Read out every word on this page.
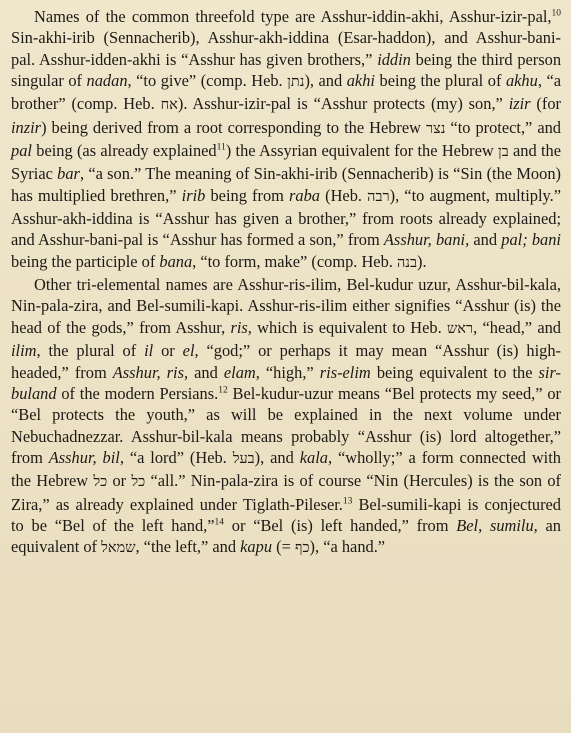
Names of the common threefold type are Asshur-iddin-akhi, Asshur-izir-pal,$^{10}$ Sin-akhi-irib (Sennacherib), Asshur-akh-iddina (Esar-haddon), and Asshur-bani-pal. Asshur-idden-akhi is “Asshur has given brothers,” iddin being the third person singular of nadan, “to give” (comp. Heb. נתן), and akhi being the plural of akhu, “a brother” (comp. Heb. אח). Asshur-izir-pal is “Asshur protects (my) son,” izir (for inzir) being derived from a root corresponding to the Hebrew נצר “to protect,” and pal being (as already explained$^{11}$) the Assyrian equivalent for the Hebrew בן and the Syriac bar, “a son.” The meaning of Sin-akhi-irib (Sennacherib) is “Sin (the Moon) has multiplied brethren,” irib being from raba (Heb. רבה), “to augment, multiply.” Asshur-akh-iddina is “Asshur has given a brother,” from roots already explained; and Asshur-bani-pal is “Asshur has formed a son,” from Asshur, bani, and pal; bani being the participle of bana, “to form, make” (comp. Heb. בנה).

Other tri-elemental names are Asshur-ris-ilim, Bel-kudur uzur, Asshur-bil-kala, Nin-pala-zira, and Bel-sumili-kapi. Asshur-ris-ilim either signifies “Asshur (is) the head of the gods,” from Asshur, ris, which is equivalent to Heb. ראש, “head,” and ilim, the plural of il or el, “god;” or perhaps it may mean “Asshur (is) high-headed,” from Asshur, ris, and elam, “high,” ris-elim being equivalent to the sir-buland of the modern Persians.$^{12}$ Bel-kudur-uzur means “Bel protects my seed,” or “Bel protects the youth,” as will be explained in the next volume under Nebuchadnezzar. Asshur-bil-kala means probably “Asshur (is) lord altogether,” from Asshur, bil, “a lord” (Heb. בעל), and kala, “wholly;” a form connected with the Hebrew כל or כל “all.” Nin-pala-zira is of course “Nin (Hercules) is the son of Zira,” as already explained under Tiglath-Pileser.$^{13}$ Bel-sumili-kapi is conjectured to be “Bel of the left hand,”$^{14}$ or “Bel (is) left handed,” from Bel, sumilu, an equivalent of שמאל, “the left,” and kapu (= כף), “a hand.”
